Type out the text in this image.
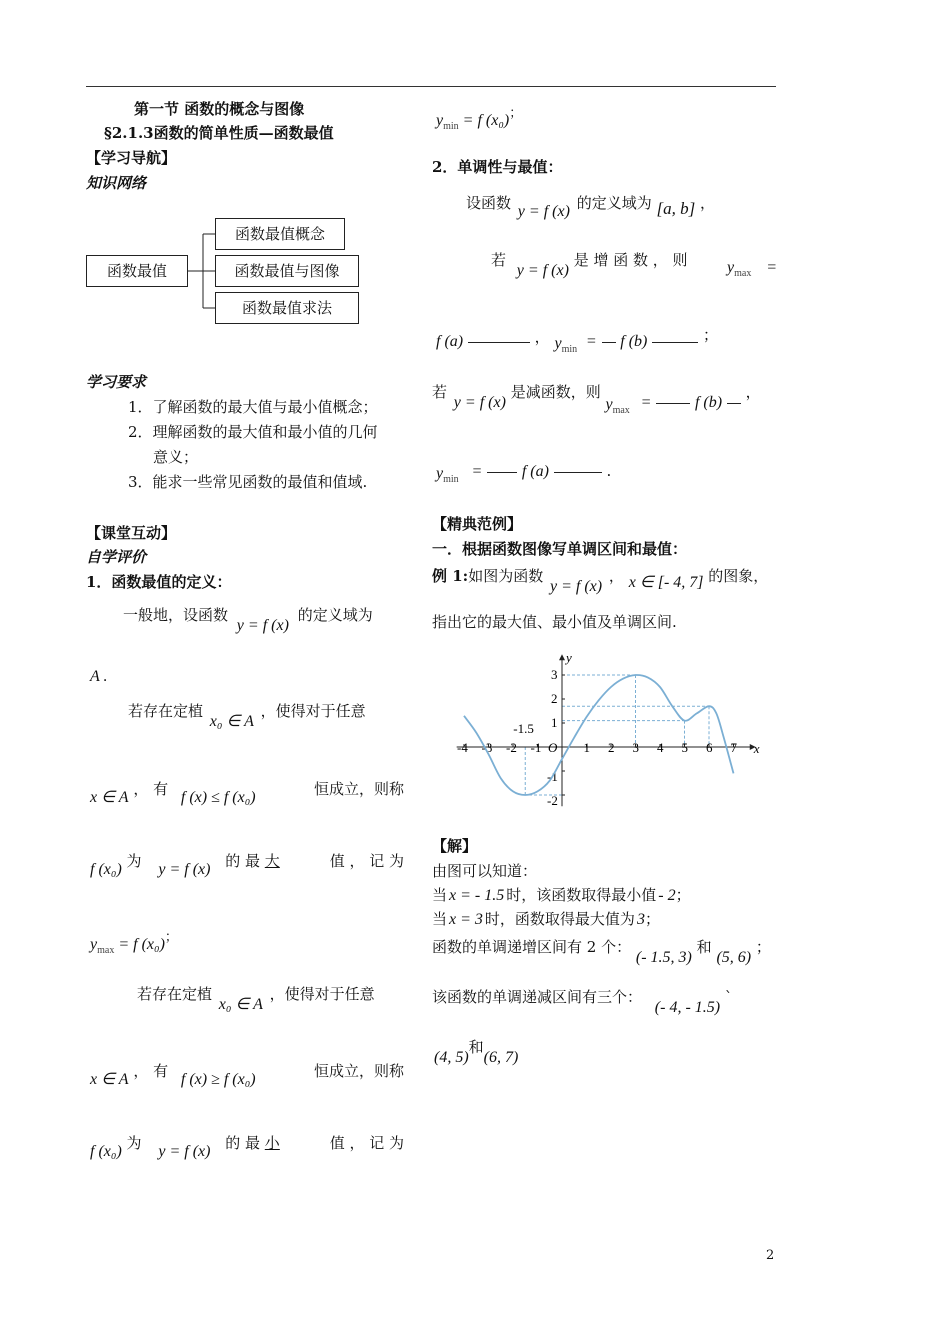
第一节 函数的概念与图像
§2.1.3函数的简单性质—函数最值
【学习导航】
知识网络
函数最值
函数最值概念
函数最值与图像
函数最值求法
学习要求
1．了解函数的最大值与最小值概念；
2．理解函数的最大值和最小值的几何
意义；
3．能求一些常见函数的最值和值域.
【课堂互动】
自学评价
1．函数最值的定义：
一般地，设函数 y = f (x) 的定义域为
A .
若存在定植 x₀ ∈ A ，使得对于任意
x ∈ A ， 有 f (x) ≤ f (x₀)	恒成立，则称
f (x₀) 为 y = f (x) 的 最 大	值 ， 记 为
$y_{max} = f$ (x₀)；
若存在定植 x₀ ∈ A ，使得对于任意
x ∈ A ， 有 f (x) ≥ f (x₀)	恒成立，则称
f (x₀) 为 y = f (x) 的 最 小	值 ， 记 为
$y_{min} = f$ (x₀)；
2．单调性与最值：
设函数 y = f (x) 的定义域为 [a, b] ，
若 y = f (x) 是 增 函 数 ， 则 $y_{max}$ =
f (a)	， $y_{min} = f$ (b)	；
若 y = f (x) 是减函数，则 $y_{max}$ =	f (b)  ，
$y_{min} = f$ (a)	.
【精典范例】
一．根据函数图像写单调区间和最值：
例 1:如图为函数 y = f (x) ， x ∈ [- 4, 7] 的图象，
指出它的最大值、最小值及单调区间.
x
y
-4 -3 -2 -1 O 1 2 3 4 5 6 7
3
2
1
-1
-2
-1.5
【解】
由图可以知道：
当 x = - 1.5 时，该函数取得最小值 - 2；
当 x = 3 时，函数取得最大值为 3；
函数的单调递增区间有 2 个： (- 1.5, 3) 和 (5, 6) ；
该函数的单调递减区间有三个： (- 4, - 1.5) `
(4, 5)和(6, 7)
2
